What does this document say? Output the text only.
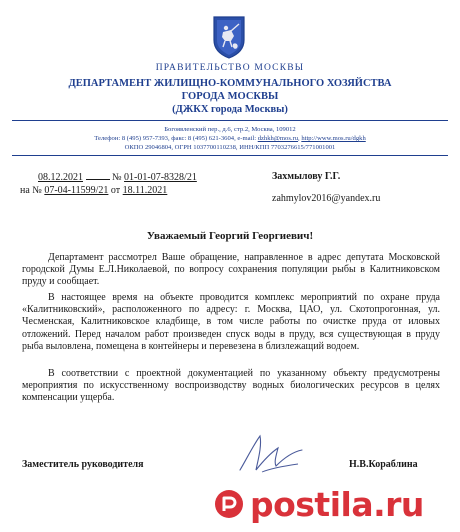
ПРАВИТЕЛЬСТВО МОСКВЫ
ДЕПАРТАМЕНТ ЖИЛИЩНО-КОММУНАЛЬНОГО ХОЗЯЙСТВА
ГОРОДА МОСКВЫ
(ДЖКХ города Москвы)
Богоявленский пер., д.6, стр.2, Москва, 109012
Телефон: 8 (495) 957-7393, факс: 8 (495) 621-3604, e-mail: dzhkh@mos.ru, http://www.mos.ru/dgkh
ОКПО 29046804, ОГРН 1037700110238, ИНН/КПП 7703276615/771001001
08.12.2021	№ 01-01-07-8328/21
на № 07-04-11599/21 от 18.11.2021
Захмылову Г.Г.
zahmylov2016@yandex.ru
Уважаемый Георгий Георгиевич!

Департамент рассмотрел Ваше обращение, направленное в адрес депутата Московской городской Думы Е.Л.Николаевой, по вопросу сохранения популяции рыбы в Калитниковском пруду и сообщает.

В настоящее время на объекте проводится комплекс мероприятий по охране пруда «Калитниковский», расположенного по адресу: г. Москва, ЦАО, ул. Скотопрогонная, ул. Чесменская, Калитниковское кладбище, в том числе работы по очистке пруда от иловых отложений. Перед началом работ произведен спуск воды в пруду, вся существующая в пруду рыба выловлена, помещена в контейнеры и перевезена в близлежащий водоем.

В соответствии с проектной документацией по указанному объекту предусмотрены мероприятия по искусственному воспроизводству водных биологических ресурсов в целях компенсации ущерба.

Заместитель руководителя	Н.В.Кораблина
postila.ru
